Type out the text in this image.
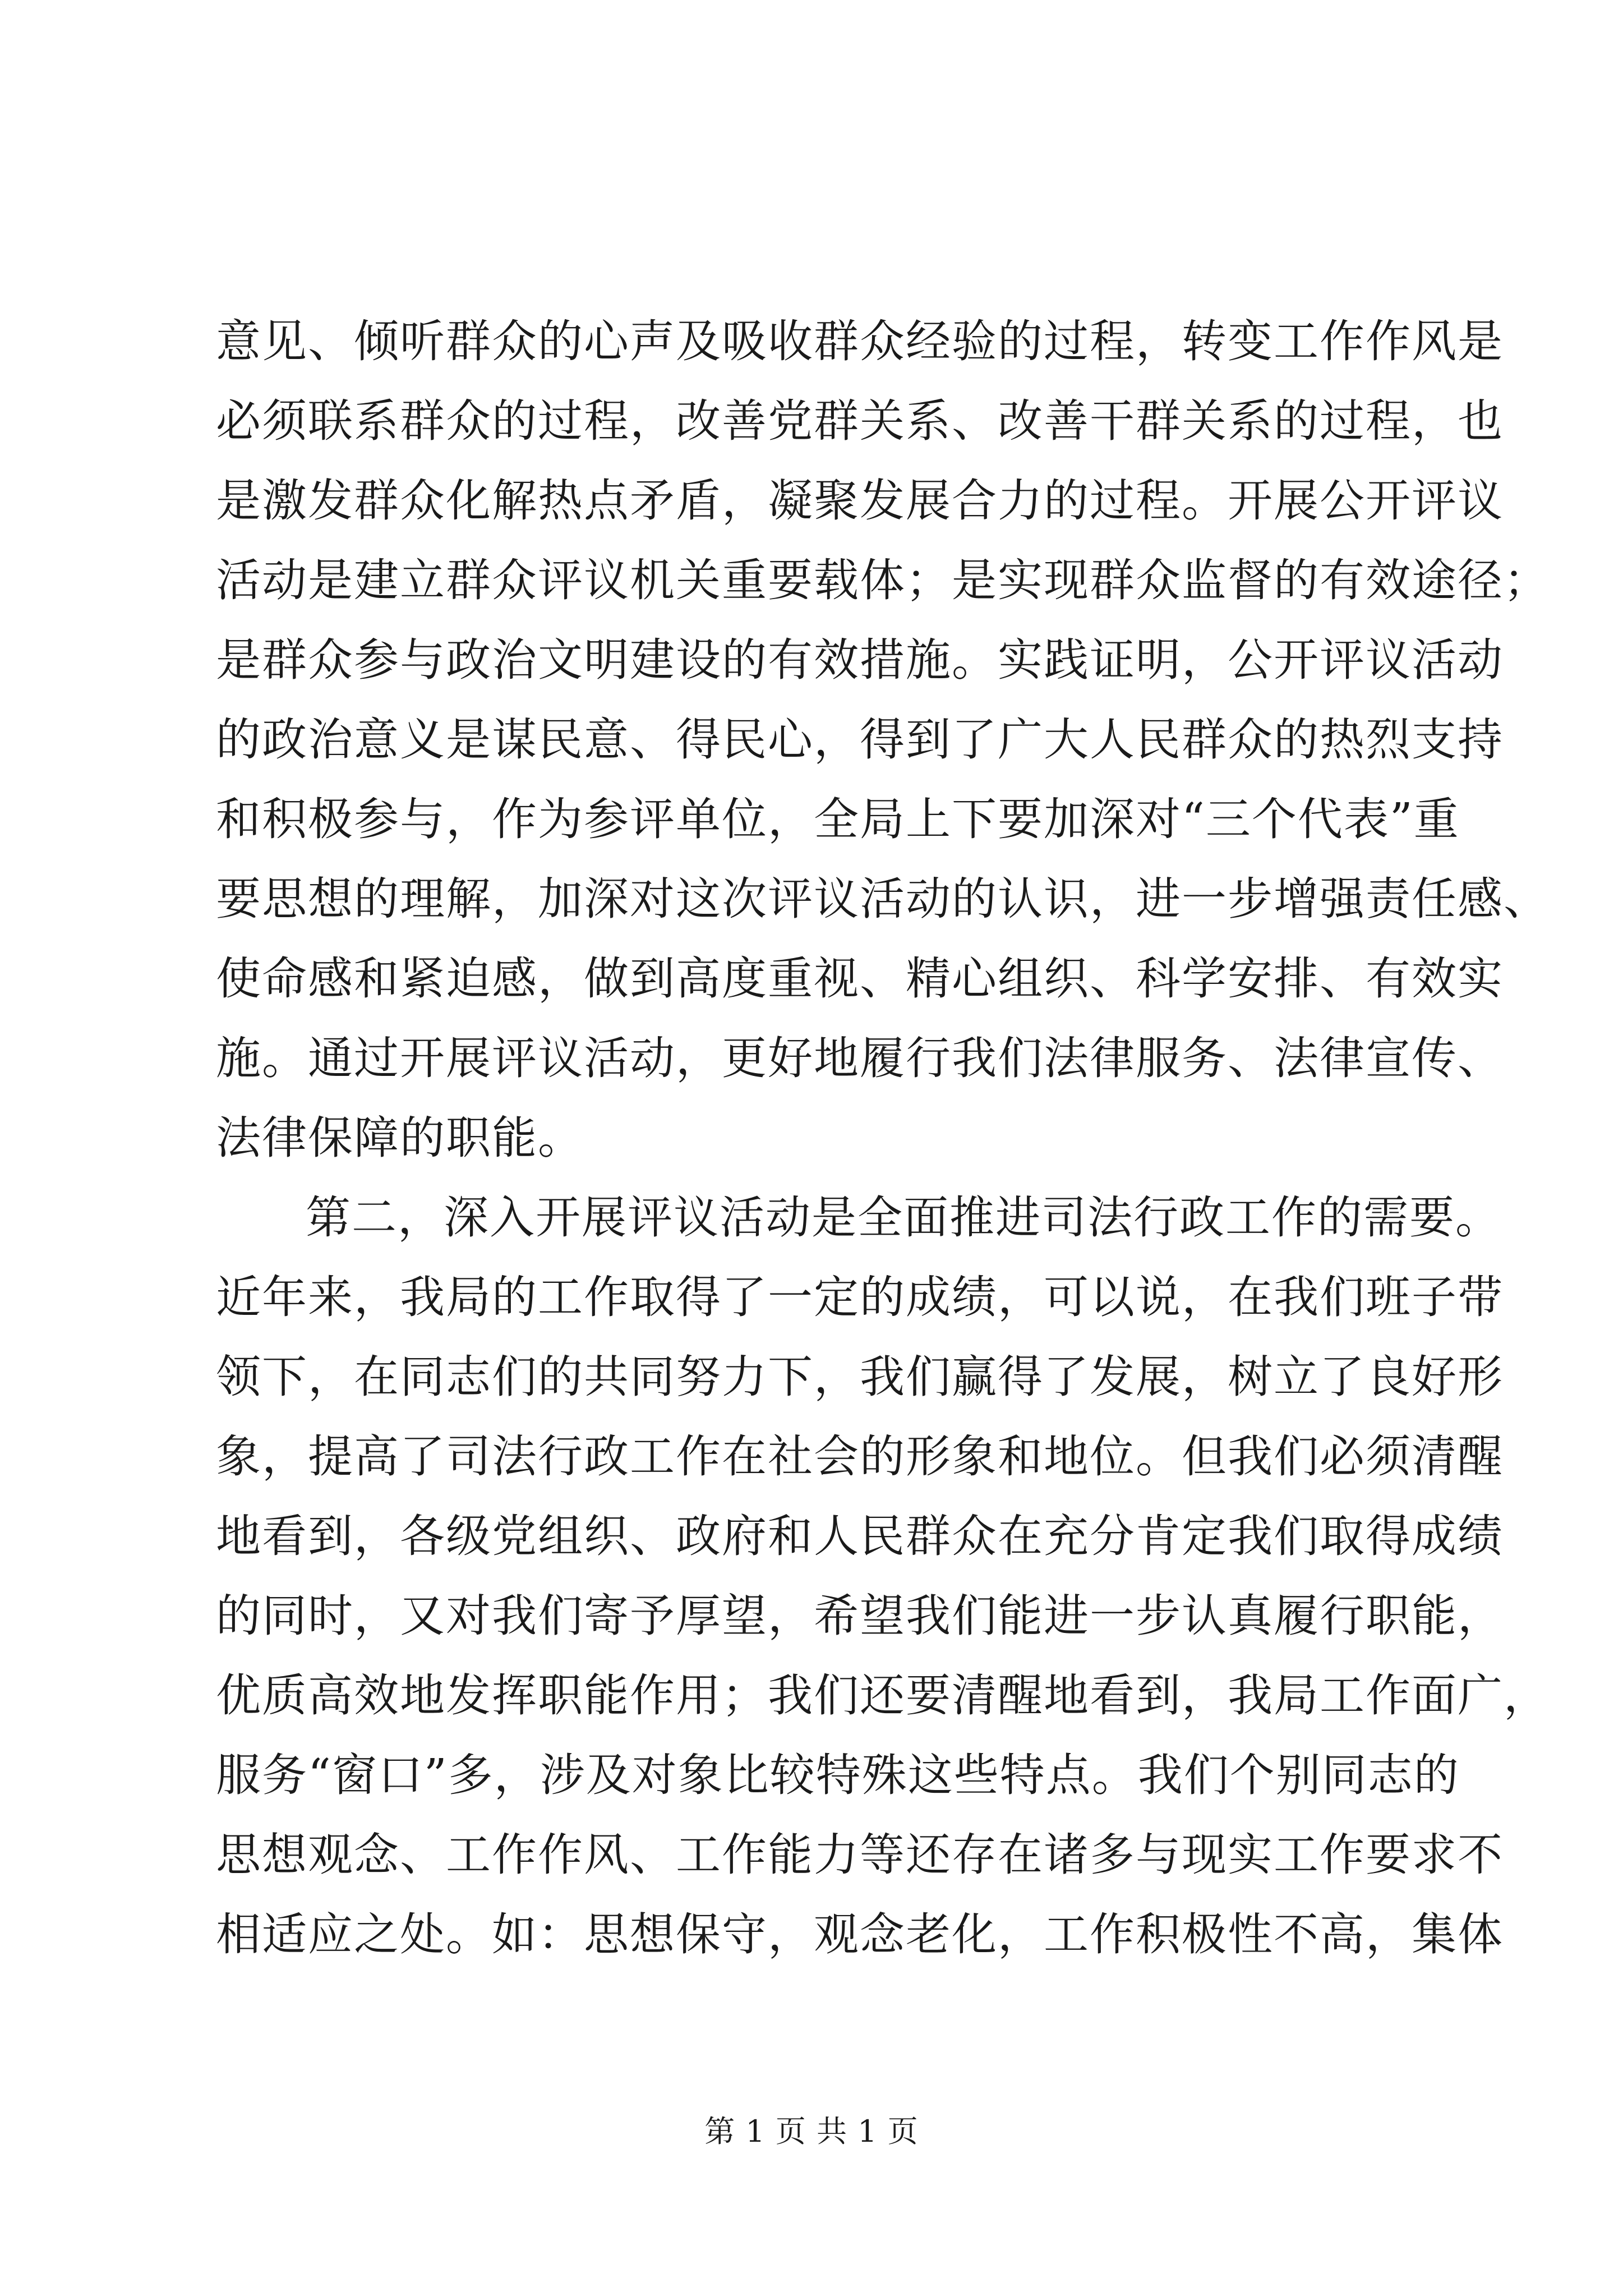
意见、倾听群众的心声及吸收群众经验的过程，转变工作作风是
必须联系群众的过程，改善党群关系、改善干群关系的过程，也
是激发群众化解热点矛盾，凝聚发展合力的过程。开展公开评议
活动是建立群众评议机关重要载体；是实现群众监督的有效途径；
是群众参与政治文明建设的有效措施。实践证明，公开评议活动
的政治意义是谋民意、得民心，得到了广大人民群众的热烈支持
和积极参与，作为参评单位，全局上下要加深对“三个代表”重
要思想的理解，加深对这次评议活动的认识，进一步增强责任感、
使命感和紧迫感，做到高度重视、精心组织、科学安排、有效实
施。通过开展评议活动，更好地履行我们法律服务、法律宣传、
法律保障的职能。
第二，深入开展评议活动是全面推进司法行政工作的需要。
近年来，我局的工作取得了一定的成绩，可以说，在我们班子带
领下，在同志们的共同努力下，我们赢得了发展，树立了良好形
象，提高了司法行政工作在社会的形象和地位。但我们必须清醒
地看到，各级党组织、政府和人民群众在充分肯定我们取得成绩
的同时，又对我们寄予厚望，希望我们能进一步认真履行职能，
优质高效地发挥职能作用；我们还要清醒地看到，我局工作面广，
服务“窗口”多，涉及对象比较特殊这些特点。我们个别同志的
思想观念、工作作风、工作能力等还存在诸多与现实工作要求不
相适应之处。如：思想保守，观念老化，工作积极性不高，集体
第 1 页 共 1 页
